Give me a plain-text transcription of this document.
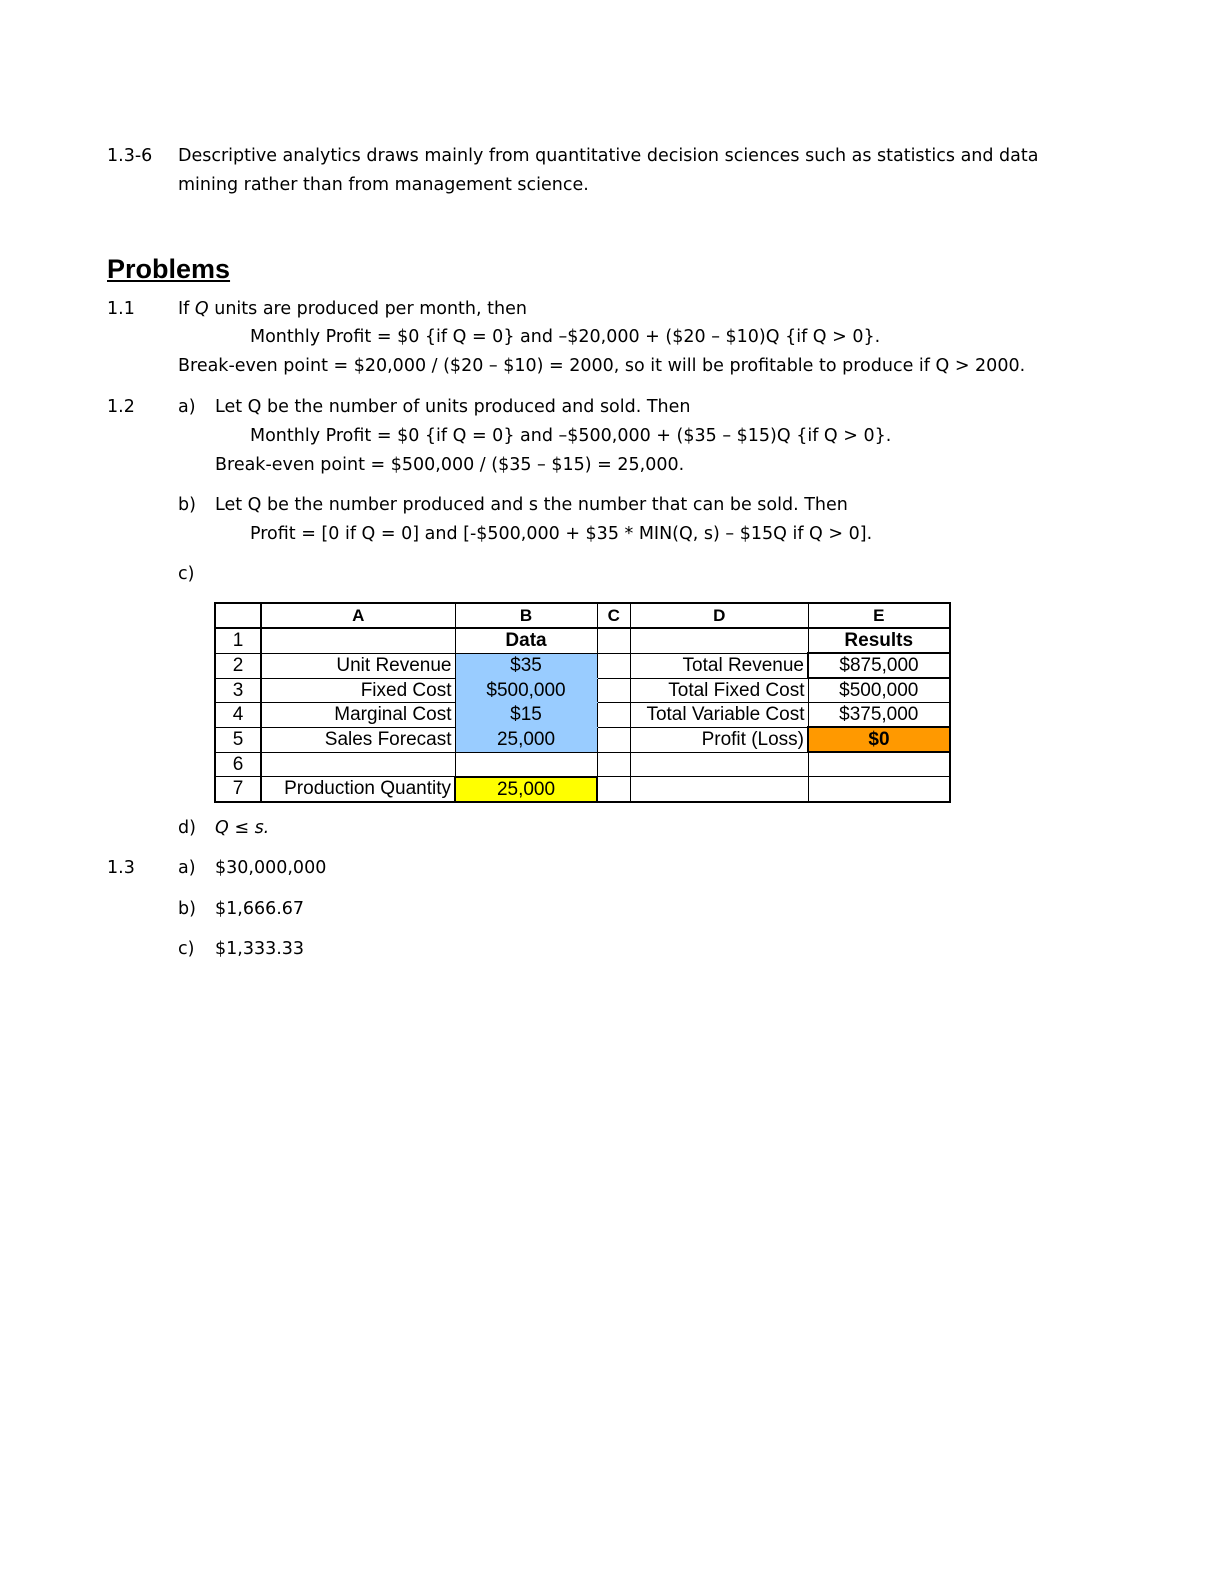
1.3-6 Descriptive analytics draws mainly from quantitative decision sciences such as statistics and data
mining rather than from management science.
Problems
1.1 If Q units are produced per month, then
Monthly Profit = $0 {if Q = 0} and –$20,000 + ($20 – $10)Q {if Q > 0}.
Break-even point = $20,000 / ($20 – $10) = 2000, so it will be profitable to produce if Q > 2000.
1.2 a) Let Q be the number of units produced and sold. Then
Monthly Profit = $0 {if Q = 0} and –$500,000 + ($35 – $15)Q {if Q > 0}.
Break-even point = $500,000 / ($35 – $15) = 25,000.
b) Let Q be the number produced and s the number that can be sold. Then
Profit = [0 if Q = 0] and [-$500,000 + $35 * MIN(Q, s) – $15Q if Q > 0].
c)
	A	B	C	D	E
1		Data			Results
2	Unit Revenue	$35		Total Revenue	$875,000
3	Fixed Cost	$500,000		Total Fixed Cost	$500,000
4	Marginal Cost	$15		Total Variable Cost	$375,000
5	Sales Forecast	25,000		Profit (Loss)	$0
6					
7	Production Quantity	25,000			
d) Q ≤ s.
1.3 a) $30,000,000
b) $1,666.67
c) $1,333.33
